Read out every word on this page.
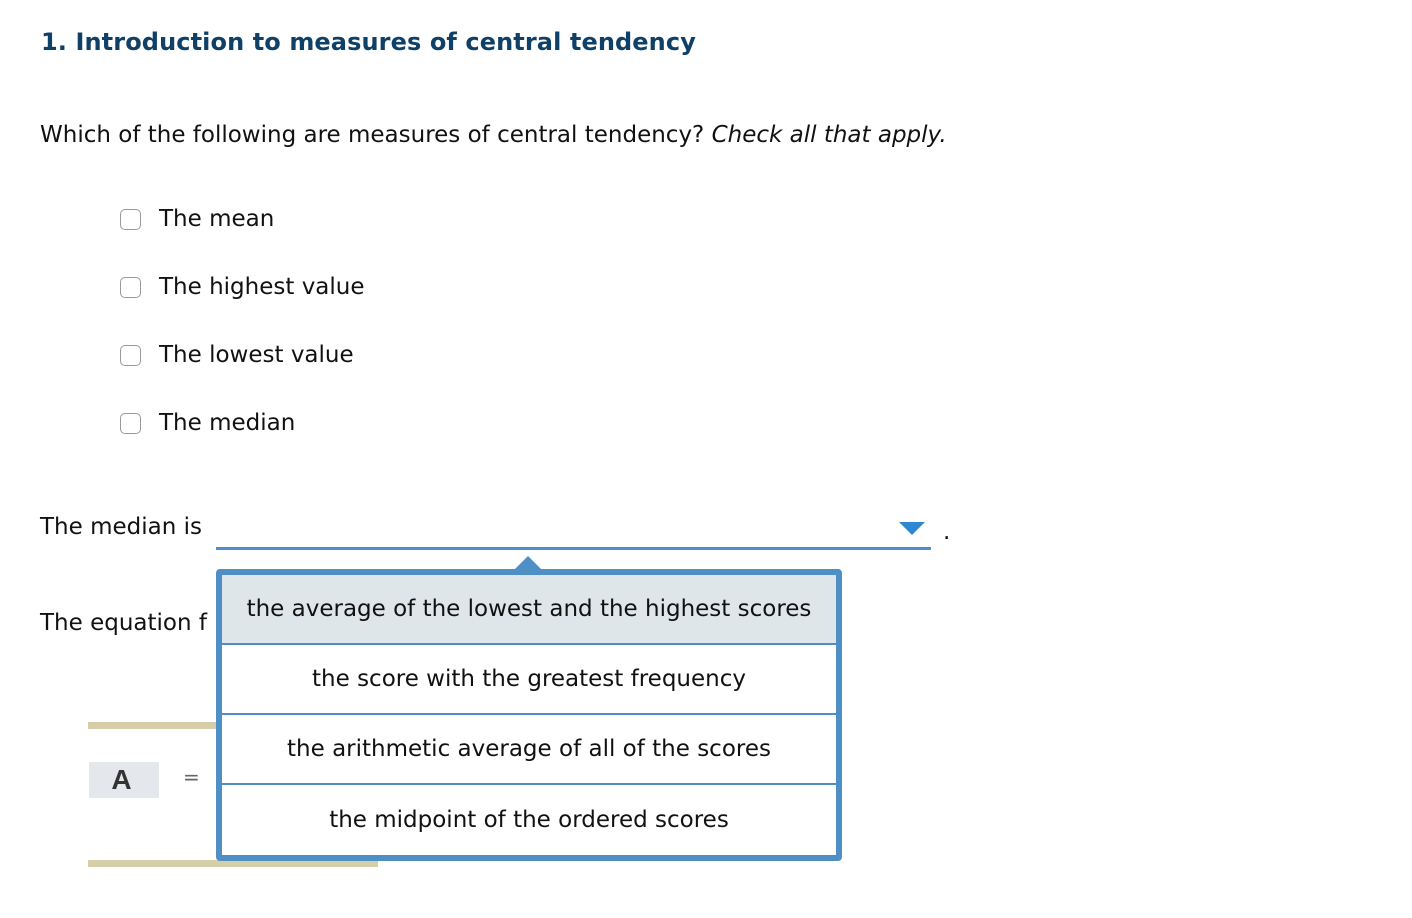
1. Introduction to measures of central tendency
Which of the following are measures of central tendency? Check all that apply.
The mean
The highest value
The lowest value
The median
The median is	.
The equation f
A	=
the average of the lowest and the highest scores
the score with the greatest frequency
the arithmetic average of all of the scores
the midpoint of the ordered scores
